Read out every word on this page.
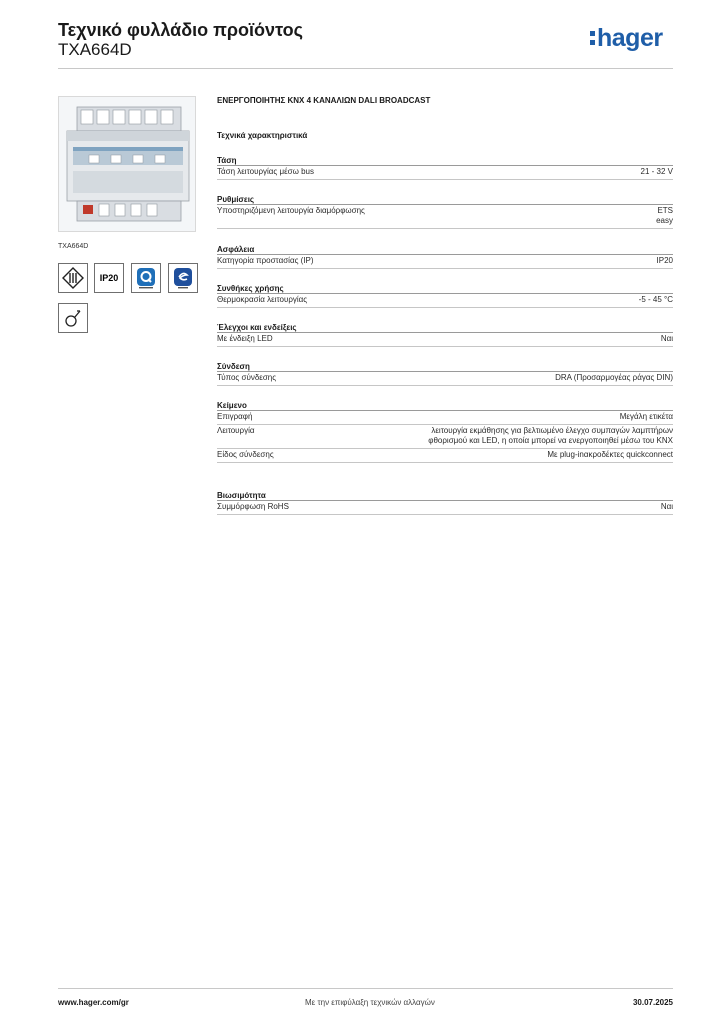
Τεχνικό φυλλάδιο προϊόντος
TXA664D	hager
TXA664D
IP20
ΕΝΕΡΓΟΠΟΙΗΤΗΣ KNX 4 ΚΑΝΑΛΙΩΝ DALI BROADCAST
Τεχνικά χαρακτηριστικά
Τάση
Τάση λειτουργίας μέσω bus	21 - 32 V
Ρυθμίσεις
Υποστηριζόμενη λειτουργία διαμόρφωσης	ETS
easy
Ασφάλεια
Κατηγορία προστασίας (IP)	IP20
Συνθήκες χρήσης
Θερμοκρασία λειτουργίας	-5 - 45 °C
Έλεγχοι και ενδείξεις
Με ένδειξη LED	Ναι
Σύνδεση
Τύπος σύνδεσης	DRA (Προσαρμογέας ράγας DIN)
Κείμενο
Επιγραφή	Μεγάλη ετικέτα
Λειτουργία	λειτουργία εκμάθησης για βελτιωμένο έλεγχο συμπαγών λαμπτήρων φθορισμού και LED, η οποία μπορεί να ενεργοποιηθεί μέσω του KNX
Είδος σύνδεσης	Με plug-inακροδέκτες quickconnect
Βιωσιμότητα
Συμμόρφωση RoHS	Ναι
www.hager.com/gr	Με την επιφύλαξη τεχνικών αλλαγών	30.07.2025
